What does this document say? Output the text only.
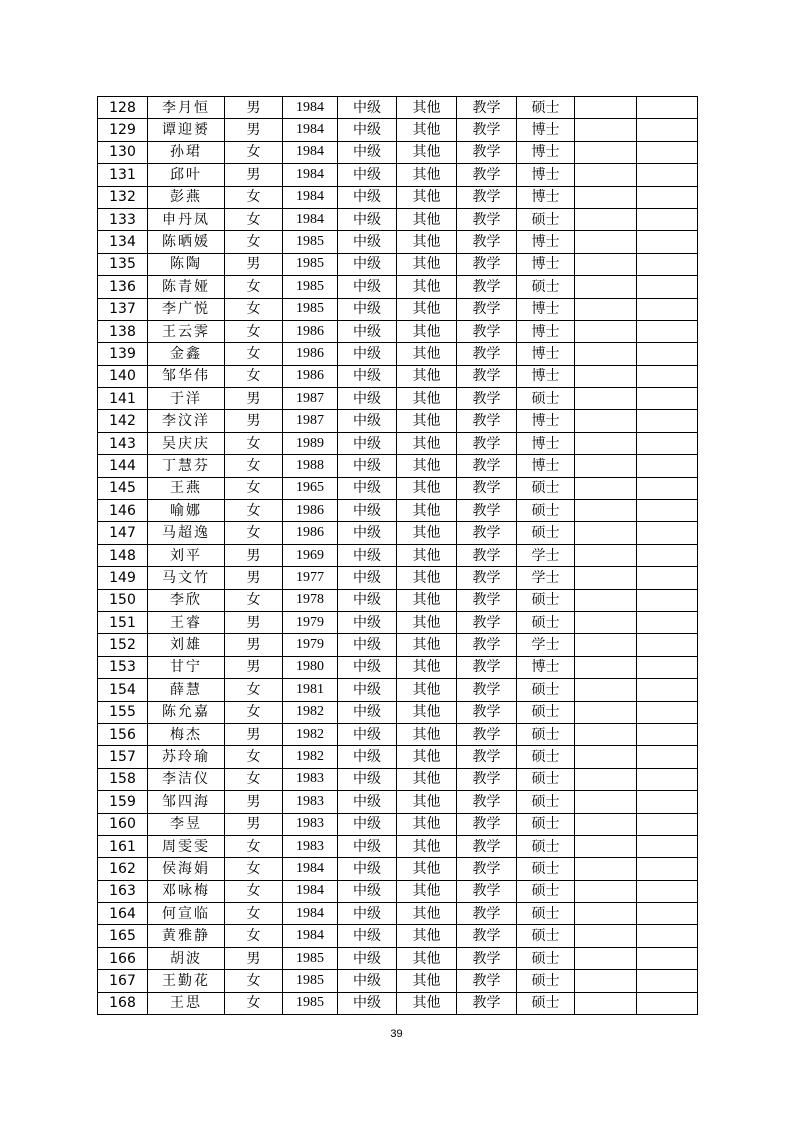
128	李月恒	男	1984	中级	其他	教学	硕士		
129	谭迎赟	男	1984	中级	其他	教学	博士		
130	孙珺	女	1984	中级	其他	教学	博士		
131	邱叶	男	1984	中级	其他	教学	博士		
132	彭燕	女	1984	中级	其他	教学	博士		
133	申丹凤	女	1984	中级	其他	教学	硕士		
134	陈晒媛	女	1985	中级	其他	教学	博士		
135	陈陶	男	1985	中级	其他	教学	博士		
136	陈青娅	女	1985	中级	其他	教学	硕士		
137	李广悦	女	1985	中级	其他	教学	博士		
138	王云霁	女	1986	中级	其他	教学	博士		
139	金鑫	女	1986	中级	其他	教学	博士		
140	邹华伟	女	1986	中级	其他	教学	博士		
141	于洋	男	1987	中级	其他	教学	硕士		
142	李汶洋	男	1987	中级	其他	教学	博士		
143	吴庆庆	女	1989	中级	其他	教学	博士		
144	丁慧芬	女	1988	中级	其他	教学	博士		
145	王燕	女	1965	中级	其他	教学	硕士		
146	喻娜	女	1986	中级	其他	教学	硕士		
147	马超逸	女	1986	中级	其他	教学	硕士		
148	刘平	男	1969	中级	其他	教学	学士		
149	马文竹	男	1977	中级	其他	教学	学士		
150	李欣	女	1978	中级	其他	教学	硕士		
151	王睿	男	1979	中级	其他	教学	硕士		
152	刘雄	男	1979	中级	其他	教学	学士		
153	甘宁	男	1980	中级	其他	教学	博士		
154	薛慧	女	1981	中级	其他	教学	硕士		
155	陈允嘉	女	1982	中级	其他	教学	硕士		
156	梅杰	男	1982	中级	其他	教学	硕士		
157	苏玲瑜	女	1982	中级	其他	教学	硕士		
158	李洁仪	女	1983	中级	其他	教学	硕士		
159	邹四海	男	1983	中级	其他	教学	硕士		
160	李昱	男	1983	中级	其他	教学	硕士		
161	周雯雯	女	1983	中级	其他	教学	硕士		
162	侯海娟	女	1984	中级	其他	教学	硕士		
163	邓咏梅	女	1984	中级	其他	教学	硕士		
164	何宣临	女	1984	中级	其他	教学	硕士		
165	黄雅静	女	1984	中级	其他	教学	硕士		
166	胡波	男	1985	中级	其他	教学	硕士		
167	王勤花	女	1985	中级	其他	教学	硕士		
168	王思	女	1985	中级	其他	教学	硕士		
39
